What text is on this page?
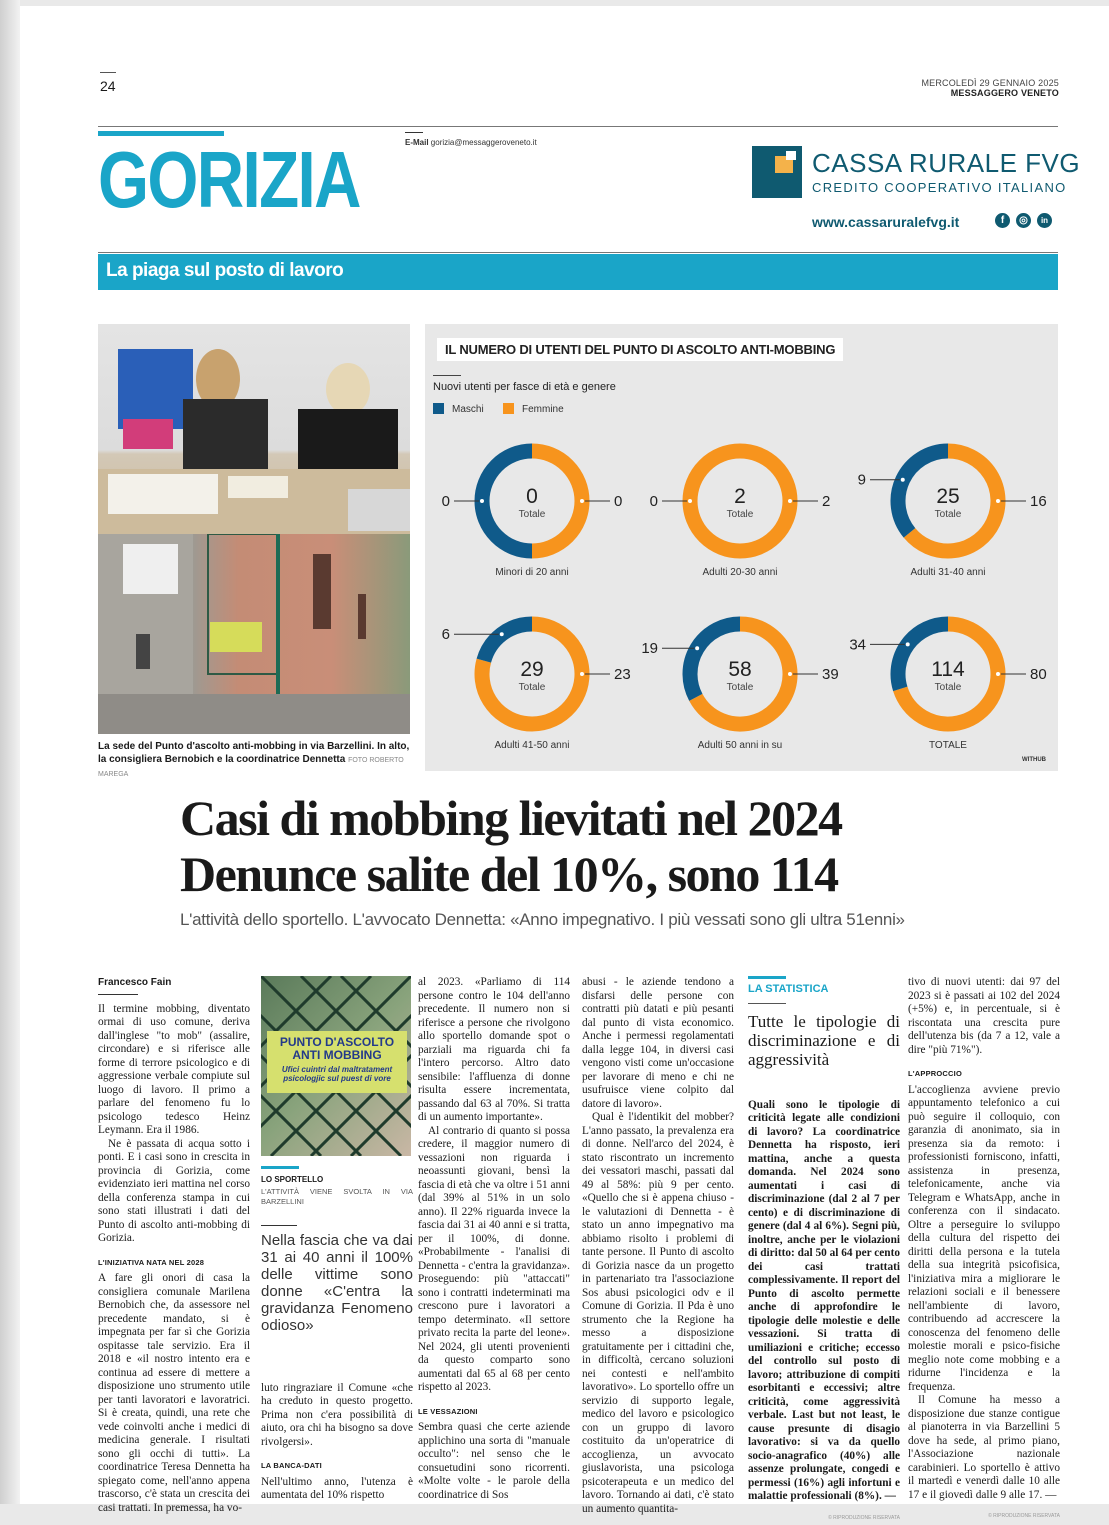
24	MERCOLEDÌ 29 GENNAIO 2025
MESSAGGERO VENETO
GORIZIA	E-Mail gorizia@messaggeroveneto.it
CASSA RURALE FVG
CREDITO COOPERATIVO ITALIANO
www.cassaruralefvg.it	f	◎	in
La piaga sul posto di lavoro
La sede del Punto d'ascolto anti-mobbing in via Barzellini. In alto, la consigliera Bernobich e la coordinatrice Dennetta FOTO ROBERTO MAREGA
IL NUMERO DI UTENTI DEL PUNTO DI ASCOLTO ANTI-MOBBING
Nuovi utenti per fasce di età e genere
Maschi	Femmine
0	0
0
Totale
Minori di 20 anni
0	2
2
Totale
Adulti 20-30 anni
9
16
25
Totale
Adulti 31-40 anni
6
23
29
Totale
Adulti 41-50 anni
19
39
58
Totale
Adulti 50 anni in su
34
80
114
Totale
TOTALE
WITHUB
Casi di mobbing lievitati nel 2024
Denunce salite del 10%, sono 114
L'attività dello sportello. L'avvocato Dennetta: «Anno impegnativo. I più vessati sono gli ultra 51enni»
Francesco Fain

Il termine mobbing, diventato ormai di uso comune, deriva dall'inglese "to mob" (assalire, circondare) e si riferisce alle forme di terrore psicologico e di aggressione verbale compiute sul luogo di lavoro. Il primo a parlare del fenomeno fu lo psicologo tedesco Heinz Leymann. Era il 1986.

Ne è passata di acqua sotto i ponti. E i casi sono in crescita in provincia di Gorizia, come evidenziato ieri mattina nel corso della conferenza stampa in cui sono stati illustrati i dati del Punto di ascolto anti-mobbing di Gorizia.

L'INIZIATIVA NATA NEL 2028

A fare gli onori di casa la consigliera comunale Marilena Bernobich che, da assessore nel precedente mandato, si è impegnata per far sì che Gorizia ospitasse tale servizio. Era il 2018 e «il nostro intento era e continua ad essere di mettere a disposizione uno strumento utile per tanti lavoratori e lavoratrici. Si è creata, quindi, una rete che vede coinvolti anche i medici di medicina generale. I risultati sono gli occhi di tutti». La coordinatrice Teresa Dennetta ha spiegato come, nell'anno appena trascorso, c'è stata un crescita dei casi trattati. In premessa, ha vo-

PUNTO D'ASCOLTO
ANTI MOBBING
Ufici cuintri dal maltratament psicologjic sul puest di vore
LO SPORTELLO
L'ATTIVITÀ VIENE SVOLTA IN VIA BARZELLINI
Nella fascia che va dai 31 ai 40 anni il 100% delle vittime sono donne «C'entra la gravidanza Fenomeno odioso»

luto ringraziare il Comune «che ha creduto in questo progetto. Prima non c'era possibilità di aiuto, ora chi ha bisogno sa dove rivolgersi».

LA BANCA-DATI

Nell'ultimo anno, l'utenza è aumentata del 10% rispetto

al 2023. «Parliamo di 114 persone contro le 104 dell'anno precedente. Il numero non si riferisce a persone che rivolgono allo sportello domande spot o parziali ma riguarda chi fa l'intero percorso. Altro dato sensibile: l'affluenza di donne risulta essere incrementata, passando dal 63 al 70%. Si tratta di un aumento importante».

Al contrario di quanto si possa credere, il maggior numero di vessazioni non riguarda i neoassunti giovani, bensì la fascia di età che va oltre i 51 anni (dal 39% al 51% in un solo anno). Il 22% riguarda invece la fascia dai 31 ai 40 anni e si tratta, per il 100%, di donne. «Probabilmente - l'analisi di Dennetta - c'entra la gravidanza». Proseguendo: più "attaccati" sono i contratti indeterminati ma crescono pure i lavoratori a tempo determinato. «Il settore privato recita la parte del leone». Nel 2024, gli utenti provenienti da questo comparto sono aumentati dal 65 al 68 per cento rispetto al 2023.

LE VESSAZIONI

Sembra quasi che certe aziende applichino una sorta di "manuale occulto": nel senso che le consuetudini sono ricorrenti. «Molte volte - le parole della coordinatrice di Sos

abusi - le aziende tendono a disfarsi delle persone con contratti più datati e più pesanti dal punto di vista economico. Anche i permessi regolamentati dalla legge 104, in diversi casi vengono visti come un'occasione per lavorare di meno e chi ne usufruisce viene colpito dal datore di lavoro».

Qual è l'identikit del mobber? L'anno passato, la prevalenza era di donne. Nell'arco del 2024, è stato riscontrato un incremento dei vessatori maschi, passati dal 49 al 58%: più 9 per cento. «Quello che si è appena chiuso - le valutazioni di Dennetta - è stato un anno impegnativo ma abbiamo risolto i problemi di tante persone. Il Punto di ascolto di Gorizia nasce da un progetto in partenariato tra l'associazione Sos abusi psicologici odv e il Comune di Gorizia. Il Pda è uno strumento che la Regione ha messo a disposizione gratuitamente per i cittadini che, in difficoltà, cercano soluzioni nei contesti e nell'ambito lavorativo». Lo sportello offre un servizio di supporto legale, medico del lavoro e psicologico con un gruppo di lavoro costituito da un'operatrice di accoglienza, un avvocato giuslavorista, una psicologa psicoterapeuta e un medico del lavoro. Tornando ai dati, c'è stato un aumento quantita-

LA STATISTICA
Tutte le tipologie di discriminazione e di aggressività

Quali sono le tipologie di criticità legate alle condizioni di lavoro? La coordinatrice Dennetta ha risposto, ieri mattina, anche a questa domanda. Nel 2024 sono aumentati i casi di discriminazione (dal 2 al 7 per cento) e di discriminazione di genere (dal 4 al 6%). Segni più, inoltre, anche per le violazioni di diritto: dal 50 al 64 per cento dei casi trattati complessivamente. Il report del Punto di ascolto permette anche di approfondire le tipologie delle molestie e delle vessazioni. Si tratta di umiliazioni e critiche; eccesso del controllo sul posto di lavoro; attribuzione di compiti esorbitanti e eccessivi; altre criticità, come aggressività verbale. Last but not least, le cause presunte di disagio lavorativo: si va da quello socio-anagrafico (40%) alle assenze prolungate, congedi e permessi (16%) agli infortuni e malattie professionali (8%). —

© RIPRODUZIONE RISERVATA

tivo di nuovi utenti: dai 97 del 2023 si è passati ai 102 del 2024 (+5%) e, in percentuale, si è riscontata una crescita pure dell'utenza bis (da 7 a 12, vale a dire "più 71%").

L'APPROCCIO

L'accoglienza avviene previo appuntamento telefonico a cui può seguire il colloquio, con garanzia di anonimato, sia in presenza sia da remoto: i professionisti forniscono, infatti, assistenza in presenza, telefonicamente, anche via Telegram e WhatsApp, anche in conferenza con il sindacato. Oltre a perseguire lo sviluppo della cultura del rispetto dei diritti della persona e la tutela della sua integrità psicofisica, l'iniziativa mira a migliorare le relazioni sociali e il benessere nell'ambiente di lavoro, contribuendo ad accrescere la conoscenza del fenomeno delle molestie morali e psico-fisiche meglio note come mobbing e a ridurne l'incidenza e la frequenza.

Il Comune ha messo a disposizione due stanze contigue al pianoterra in via Barzellini 5 dove ha sede, al primo piano, l'Associazione nazionale carabinieri. Lo sportello è attivo il martedì e venerdì dalle 10 alle 17 e il giovedì dalle 9 alle 17. —

© RIPRODUZIONE RISERVATA
